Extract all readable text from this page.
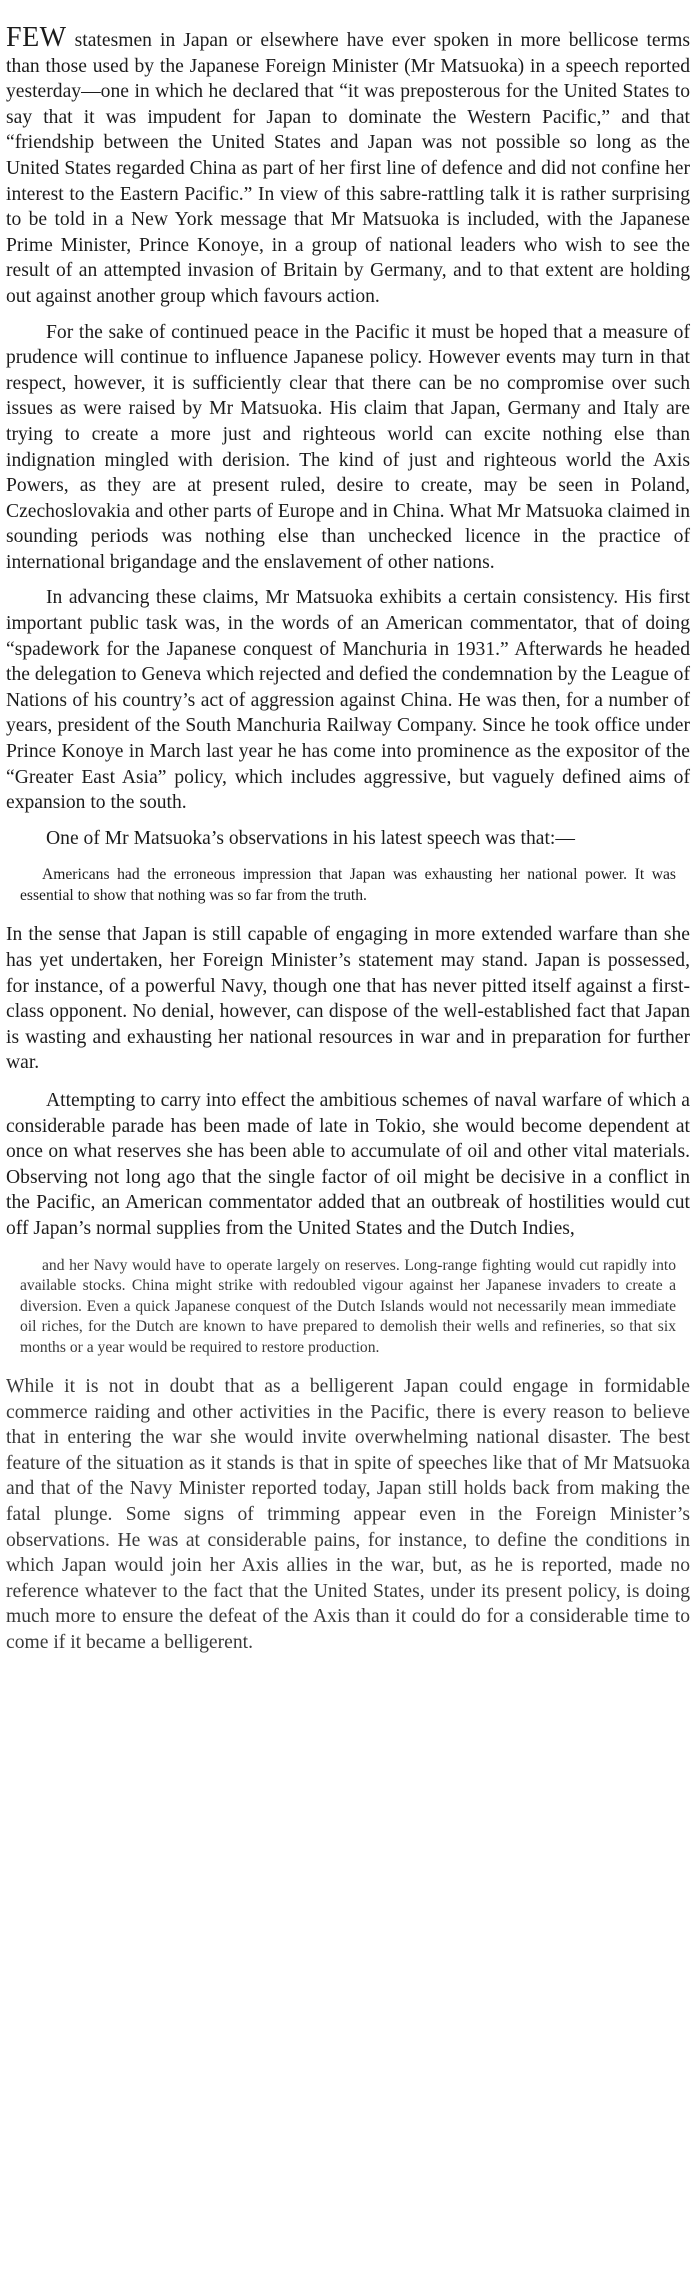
FEW statesmen in Japan or elsewhere have ever spoken in more bellicose terms than those used by the Japanese Foreign Minister (Mr Matsuoka) in a speech reported yesterday—one in which he declared that “it was preposterous for the United States to say that it was impudent for Japan to dominate the Western Pacific,” and that “friendship between the United States and Japan was not possible so long as the United States regarded China as part of her first line of defence and did not confine her interest to the Eastern Pacific.” In view of this sabre-rattling talk it is rather surprising to be told in a New York message that Mr Matsuoka is included, with the Japanese Prime Minister, Prince Konoye, in a group of national leaders who wish to see the result of an attempted invasion of Britain by Germany, and to that extent are holding out against another group which favours action.

For the sake of continued peace in the Pacific it must be hoped that a measure of prudence will continue to influence Japanese policy. However events may turn in that respect, however, it is sufficiently clear that there can be no compromise over such issues as were raised by Mr Matsuoka. His claim that Japan, Germany and Italy are trying to create a more just and righteous world can excite nothing else than indignation mingled with derision. The kind of just and righteous world the Axis Powers, as they are at present ruled, desire to create, may be seen in Poland, Czechoslovakia and other parts of Europe and in China. What Mr Matsuoka claimed in sounding periods was nothing else than unchecked licence in the practice of international brigandage and the enslavement of other nations.

In advancing these claims, Mr Matsuoka exhibits a certain consistency. His first important public task was, in the words of an American commentator, that of doing “spadework for the Japanese conquest of Manchuria in 1931.” Afterwards he headed the delegation to Geneva which rejected and defied the condemnation by the League of Nations of his country’s act of aggression against China. He was then, for a number of years, president of the South Manchuria Railway Company. Since he took office under Prince Konoye in March last year he has come into prominence as the expositor of the “Greater East Asia” policy, which includes aggressive, but vaguely defined aims of expansion to the south.

One of Mr Matsuoka’s observations in his latest speech was that:—

Americans had the erroneous impression that Japan was exhausting her national power. It was essential to show that nothing was so far from the truth.

In the sense that Japan is still capable of engaging in more extended warfare than she has yet undertaken, her Foreign Minister’s statement may stand. Japan is possessed, for instance, of a powerful Navy, though one that has never pitted itself against a first-class opponent. No denial, however, can dispose of the well-established fact that Japan is wasting and exhausting her national resources in war and in preparation for further war.

Attempting to carry into effect the ambitious schemes of naval warfare of which a considerable parade has been made of late in Tokio, she would become dependent at once on what reserves she has been able to accumulate of oil and other vital materials. Observing not long ago that the single factor of oil might be decisive in a conflict in the Pacific, an American commentator added that an outbreak of hostilities would cut off Japan’s normal supplies from the United States and the Dutch Indies,

and her Navy would have to operate largely on reserves. Long-range fighting would cut rapidly into available stocks. China might strike with redoubled vigour against her Japanese invaders to create a diversion. Even a quick Japanese conquest of the Dutch Islands would not necessarily mean immediate oil riches, for the Dutch are known to have prepared to demolish their wells and refineries, so that six months or a year would be required to restore production.

While it is not in doubt that as a belligerent Japan could engage in formidable commerce raiding and other activities in the Pacific, there is every reason to believe that in entering the war she would invite overwhelming national disaster. The best feature of the situation as it stands is that in spite of speeches like that of Mr Matsuoka and that of the Navy Minister reported today, Japan still holds back from making the fatal plunge. Some signs of trimming appear even in the Foreign Minister’s observations. He was at considerable pains, for instance, to define the conditions in which Japan would join her Axis allies in the war, but, as he is reported, made no reference whatever to the fact that the United States, under its present policy, is doing much more to ensure the defeat of the Axis than it could do for a considerable time to come if it became a belligerent.
